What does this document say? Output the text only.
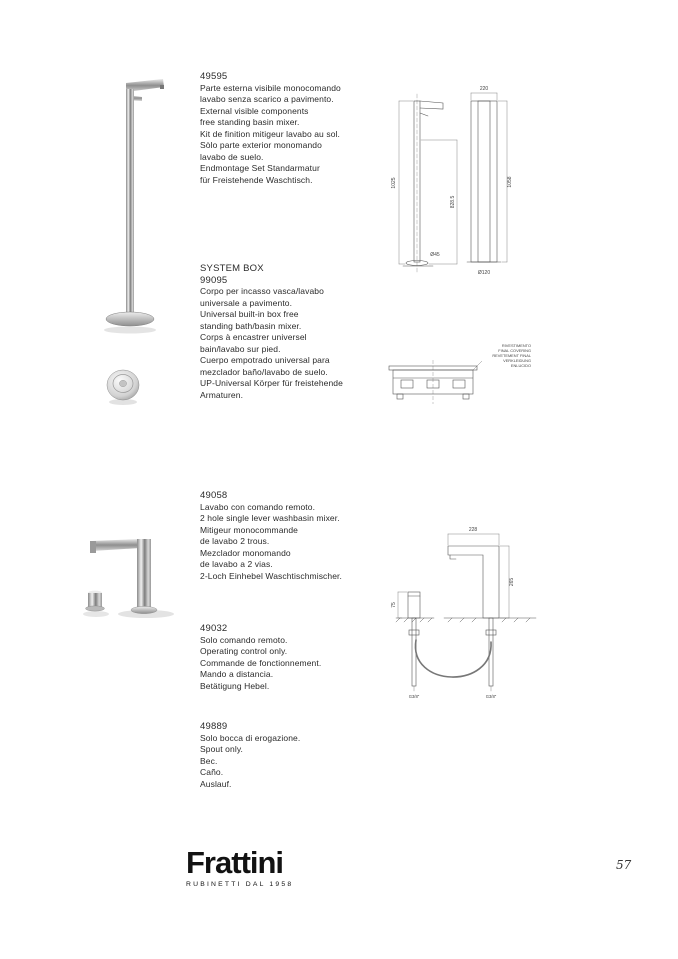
49595
Parte esterna visibile monocomando
lavabo senza scarico a pavimento.
External visible components
free standing basin mixer.
Kit de finition mitigeur lavabo au sol.
Sòlo parte exterior monomando
lavabo de suelo.
Endmontage Set Standarmatur
für Freistehende Waschtisch.
SYSTEM BOX
99095
Corpo per incasso vasca/lavabo
universale a pavimento.
Universal built-in box free
standing bath/basin mixer.
Corps à encastrer universel
bain/lavabo sur pied.
Cuerpo empotrado universal para
mezclador baño/lavabo de suelo.
UP-Universal Körper für freistehende
Armaturen.
49058
Lavabo con comando remoto.
2 hole single lever washbasin mixer.
Mitigeur monocommande
de lavabo 2 trous.
Mezclador monomando
de lavabo a 2 vias.
2-Loch Einhebel Waschtischmischer.
49032
Solo comando remoto.
Operating control only.
Commande de fonctionnement.
Mando a distancia.
Betätigung Hebel.
49889
Solo bocca di erogazione.
Spout only.
Bec.
Caño.
Auslauf.
1025
828.5
220
1058
Ø45
Ø120
RIVESTIMENTO
FINAL COVERING
REVETEMENT FINAL
VERKLEIDUNG
ENLUCIDO
228
265
75
G3/8"	G3/8"
Frattini
RUBINETTI DAL 1958
57
